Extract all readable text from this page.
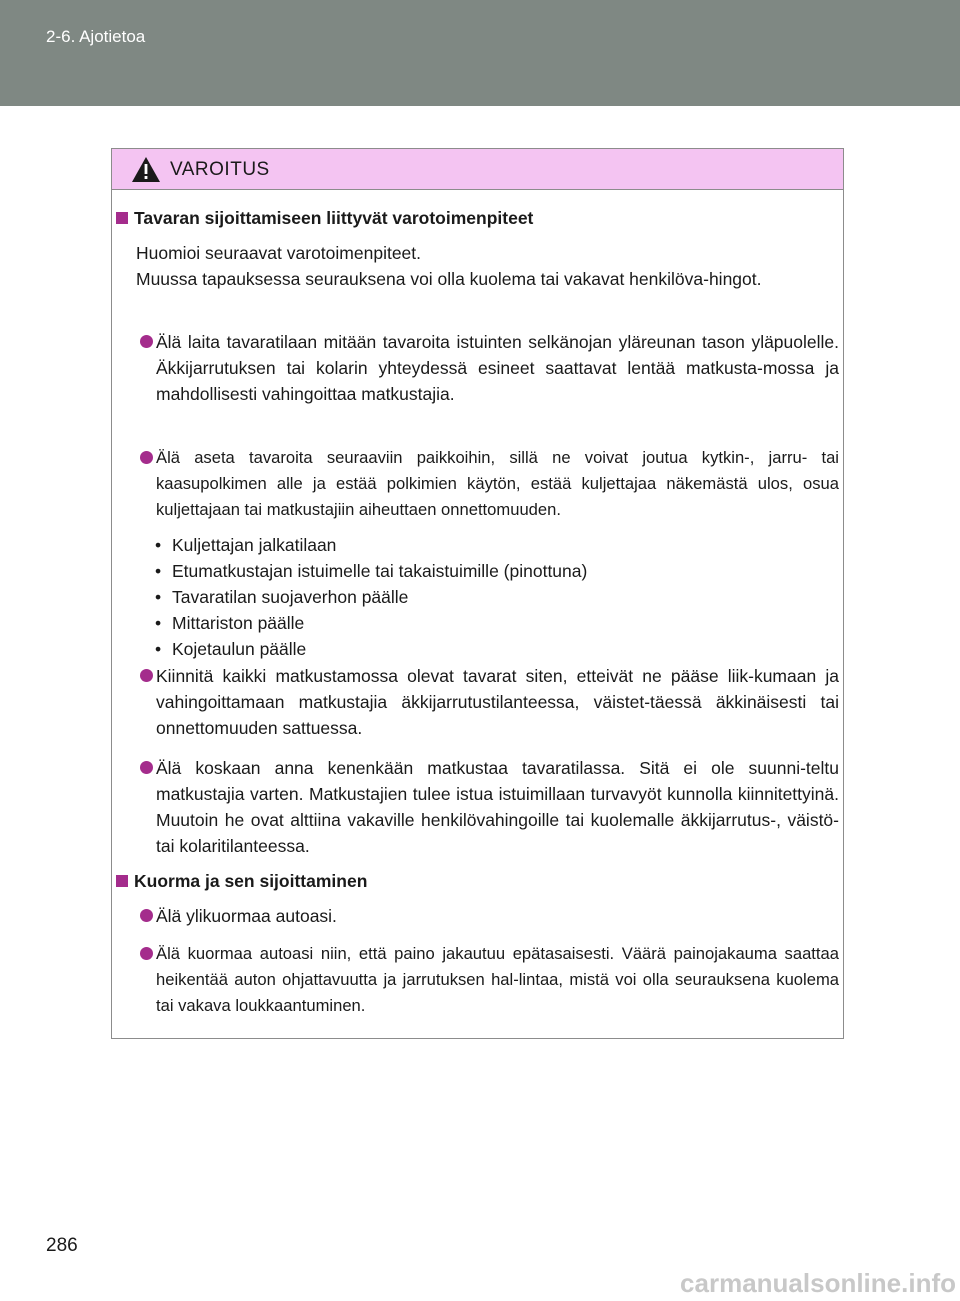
2-6. Ajotietoa
VAROITUS
Tavaran sijoittamiseen liittyvät varotoimenpiteet
Huomioi seuraavat varotoimenpiteet.
Muussa tapauksessa seurauksena voi olla kuolema tai vakavat henkilöva-hingot.
Älä laita tavaratilaan mitään tavaroita istuinten selkänojan yläreunan tason yläpuolelle. Äkkijarrutuksen tai kolarin yhteydessä esineet saattavat lentää matkusta-mossa ja mahdollisesti vahingoittaa matkustajia.
Älä aseta tavaroita seuraaviin paikkoihin, sillä ne voivat joutua kytkin-, jarru- tai kaasupolkimen alle ja estää polkimien käytön, estää kuljettajaa näkemästä ulos, osua kuljettajaan tai matkustajiin aiheuttaen onnettomuuden.
• Kuljettajan jalkatilaan
• Etumatkustajan istuimelle tai takaistuimille (pinottuna)
• Tavaratilan suojaverhon päälle
• Mittariston päälle
• Kojetaulun päälle
Kiinnitä kaikki matkustamossa olevat tavarat siten, etteivät ne pääse liik-kumaan ja vahingoittamaan matkustajia äkkijarrutustilanteessa, väistet-täessä äkkinäisesti tai onnettomuuden sattuessa.
Älä koskaan anna kenenkään matkustaa tavaratilassa. Sitä ei ole suunni-teltu matkustajia varten. Matkustajien tulee istua istuimillaan turvavyöt kunnolla kiinnitettyinä. Muutoin he ovat alttiina vakaville henkilövahingoille tai kuolemalle äkkijarrutus-, väistö- tai kolaritilanteessa.
Kuorma ja sen sijoittaminen
Älä ylikuormaa autoasi.
Älä kuormaa autoasi niin, että paino jakautuu epätasaisesti. Väärä painojakauma saattaa heikentää auton ohjattavuutta ja jarrutuksen hal-lintaa, mistä voi olla seurauksena kuolema tai vakava loukkaantuminen.
286
carmanualsonline.info
